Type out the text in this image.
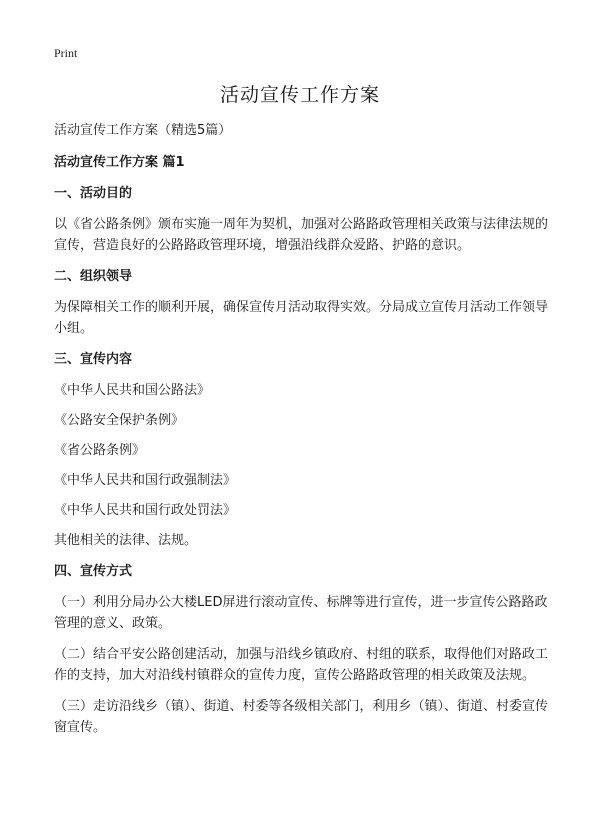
Print
活动宣传工作方案
活动宣传工作方案（精选5篇）
活动宣传工作方案 篇1
一、活动目的
以《省公路条例》颁布实施一周年为契机，加强对公路路政管理相关政策与法律法规的宣传，营造良好的公路路政管理环境，增强沿线群众爱路、护路的意识。
二、组织领导
为保障相关工作的顺利开展，确保宣传月活动取得实效。分局成立宣传月活动工作领导小组。
三、宣传内容
《中华人民共和国公路法》
《公路安全保护条例》
《省公路条例》
《中华人民共和国行政强制法》
《中华人民共和国行政处罚法》
其他相关的法律、法规。
四、宣传方式
（一）利用分局办公大楼LED屏进行滚动宣传、标牌等进行宣传，进一步宣传公路路政管理的意义、政策。
（二）结合平安公路创建活动，加强与沿线乡镇政府、村组的联系，取得他们对路政工作的支持，加大对沿线村镇群众的宣传力度，宣传公路路政管理的相关政策及法规。
（三）走访沿线乡（镇）、街道、村委等各级相关部门，利用乡（镇）、街道、村委宣传窗宣传。
